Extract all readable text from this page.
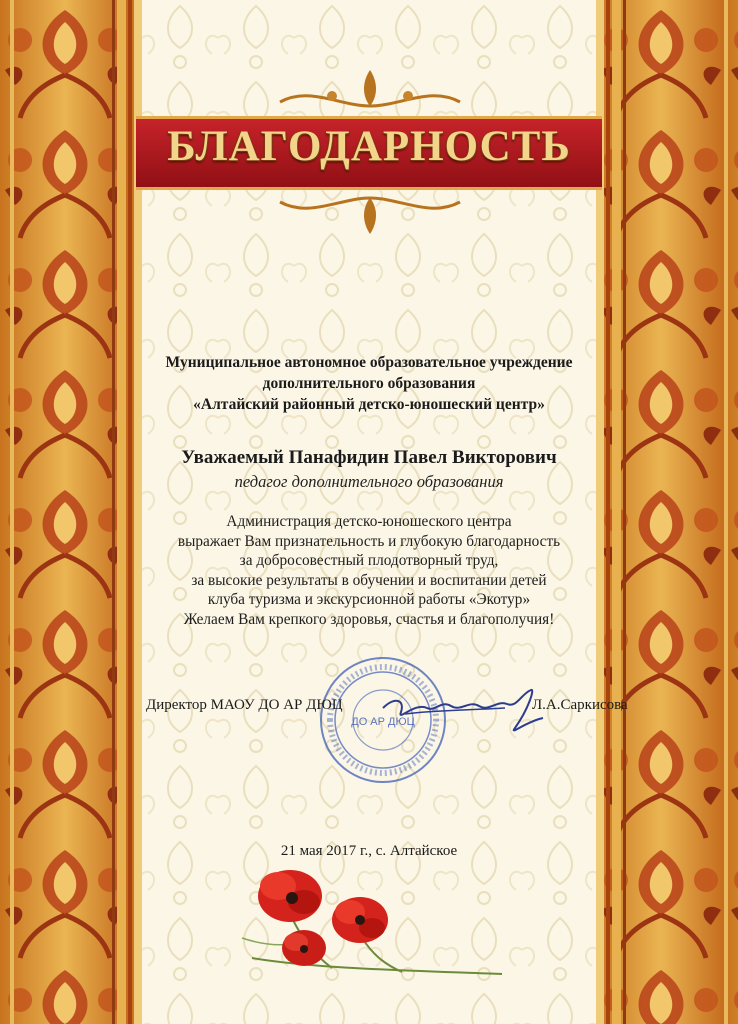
БЛАГОДАРНОСТЬ
Муниципальное автономное образовательное учреждение
дополнительного образования
«Алтайский районный детско-юношеский центр»
Уважаемый Панафидин Павел Викторович
педагог дополнительного образования
Администрация детско-юношеского центра
выражает Вам признательность и глубокую благодарность
за добросовестный плодотворный труд,
за высокие результаты в обучении и воспитании детей
клуба туризма и экскурсионной работы «Экотур»
Желаем Вам крепкого здоровья, счастья и благополучия!
ДО АР ДЮЦ
Директор МАОУ ДО АР ДЮЦ	Л.А.Саркисова
21 мая 2017 г., с. Алтайское
